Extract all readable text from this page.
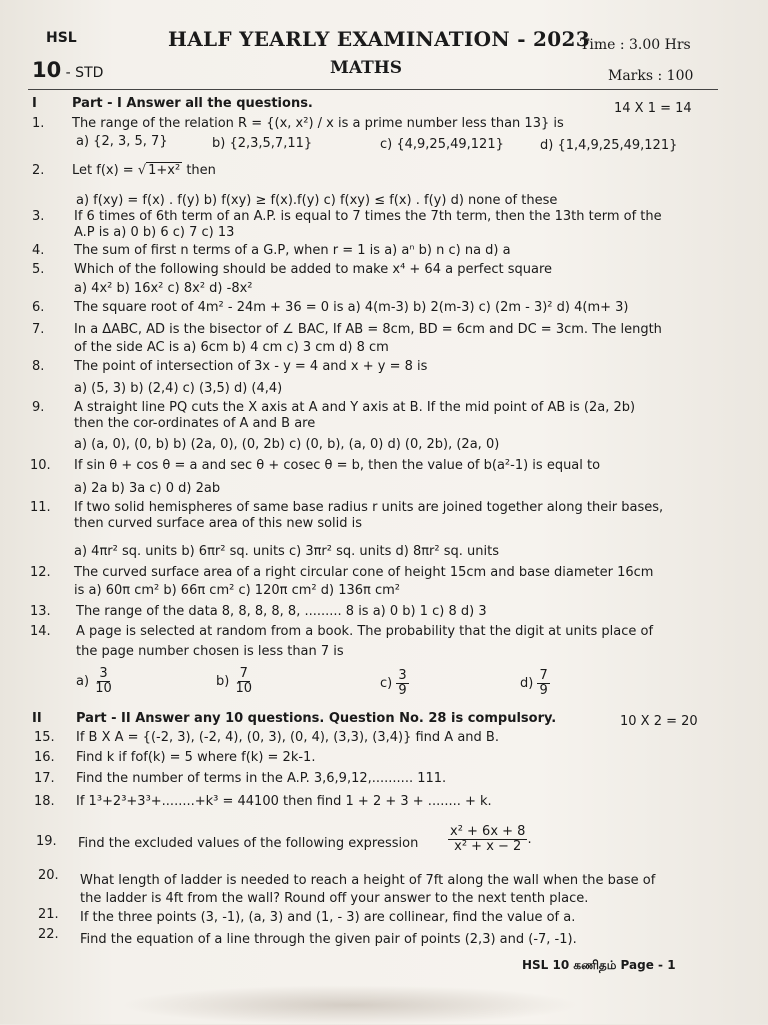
HSL
10 - STD
HALF YEARLY EXAMINATION - 2023
MATHS
Time : 3.00 Hrs
Marks : 100
I	Part - I Answer all the questions.	14 X 1 = 14
1. The range of the relation R = {(x, x²) / x is a prime number less than 13} is
a) {2, 3, 5, 7}	b) {2,3,5,7,11}	c) {4,9,25,49,121}	d) {1,4,9,25,49,121}
2. Let f(x) = √ 1+x² then
a) f(xy) = f(x) . f(y) b) f(xy) ≥ f(x).f(y) c) f(xy) ≤ f(x) . f(y) d) none of these
3. If 6 times of 6th term of an A.P. is equal to 7 times the 7th term, then the 13th term of the
A.P is a) 0 b) 6 c) 7 c) 13
4. The sum of first n terms of a G.P, when r = 1 is a) aⁿ b) n c) na d) a
5. Which of the following should be added to make x⁴ + 64 a perfect square
a) 4x² b) 16x² c) 8x² d) -8x²
6. The square root of 4m² - 24m + 36 = 0 is a) 4(m-3) b) 2(m-3) c) (2m - 3)² d) 4(m+ 3)
7. In a ΔABC, AD is the bisector of ∠ BAC, If AB = 8cm, BD = 6cm and DC = 3cm. The length
of the side AC is a) 6cm b) 4 cm c) 3 cm d) 8 cm
8. The point of intersection of 3x - y = 4 and x + y = 8 is
a) (5, 3) b) (2,4) c) (3,5) d) (4,4)
9. A straight line PQ cuts the X axis at A and Y axis at B. If the mid point of AB is (2a, 2b)
then the cor-ordinates of A and B are
a) (a, 0), (0, b) b) (2a, 0), (0, 2b) c) (0, b), (a, 0) d) (0, 2b), (2a, 0)
10. If sin θ + cos θ = a and sec θ + cosec θ = b, then the value of b(a²-1) is equal to
a) 2a b) 3a c) 0 d) 2ab
11. If two solid hemispheres of same base radius r units are joined together along their bases,
then curved surface area of this new solid is
a) 4πr² sq. units b) 6πr² sq. units c) 3πr² sq. units d) 8πr² sq. units
12. The curved surface area of a right circular cone of height 15cm and base diameter 16cm
is a) 60π cm² b) 66π cm² c) 120π cm² d) 136π cm²
13. The range of the data 8, 8, 8, 8, 8, ......... 8 is a) 0 b) 1 c) 8 d) 3
14. A page is selected at random from a book. The probability that the digit at units place of
the page number chosen is less than 7 is
$a) \frac{3}{10}$	$b) \frac{7}{10}$	$c) \frac{3}{9}$	$d) \frac{7}{9}$
II	Part - II Answer any 10 questions. Question No. 28 is compulsory.	10 X 2 = 20
15. If B X A = {(-2, 3), (-2, 4), (0, 3), (0, 4), (3,3), (3,4)} find A and B.
16. Find k if fof(k) = 5 where f(k) = 2k-1.
17. Find the number of terms in the A.P. 3,6,9,12,.......... 111.
18. If 1³+2³+3³+........+k³ = 44100 then find 1 + 2 + 3 + ........ + k.
19. Find the excluded values of the following expression $\frac{\text{x² + 6x + 8}}{\text{x² + x − 2}}$ .
20. What length of ladder is needed to reach a height of 7ft along the wall when the base of
the ladder is 4ft from the wall? Round off your answer to the next tenth place.
21. If the three points (3, -1), (a, 3) and (1, - 3) are collinear, find the value of a.
22. Find the equation of a line through the given pair of points (2,3) and (-7, -1).
HSL 10 கணிதம் Page - 1
